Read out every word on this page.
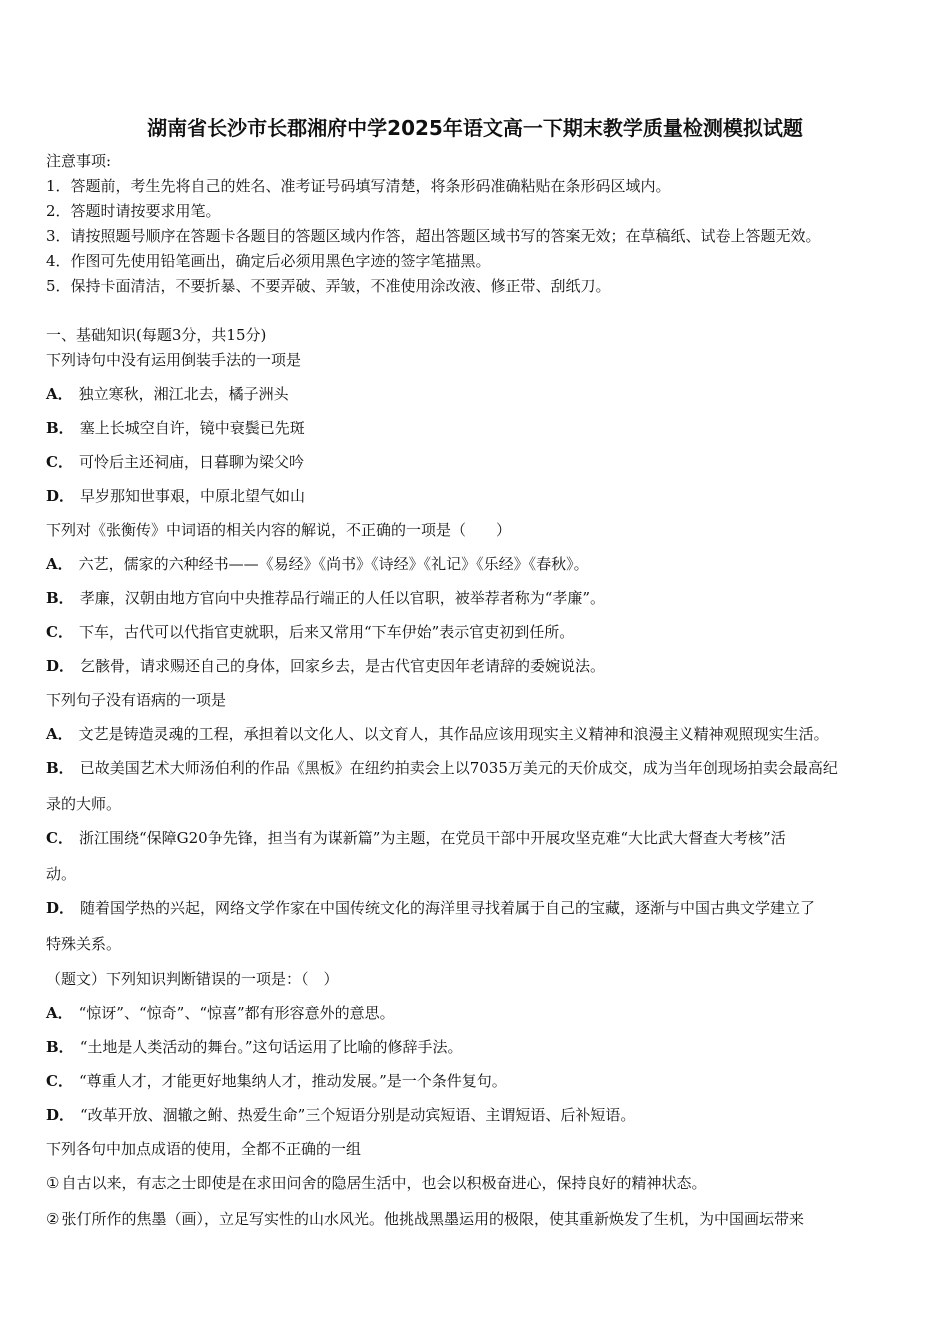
湖南省长沙市长郡湘府中学2025年语文高一下期末教学质量检测模拟试题
注意事项:
1．答题前，考生先将自己的姓名、准考证号码填写清楚，将条形码准确粘贴在条形码区域内。
2．答题时请按要求用笔。
3．请按照题号顺序在答题卡各题目的答题区域内作答，超出答题区域书写的答案无效；在草稿纸、试卷上答题无效。
4．作图可先使用铅笔画出，确定后必须用黑色字迹的签字笔描黑。
5．保持卡面清洁，不要折暴、不要弄破、弄皱，不准使用涂改液、修正带、刮纸刀。
一、基础知识(每题3分，共15分)
下列诗句中没有运用倒装手法的一项是
A． 独立寒秋，湘江北去，橘子洲头
B． 塞上长城空自许，镜中衰鬓已先斑
C． 可怜后主还祠庙，日暮聊为梁父吟
D． 早岁那知世事艰，中原北望气如山
下列对《张衡传》中词语的相关内容的解说，不正确的一项是（　　）
A． 六艺，儒家的六种经书——《易经》《尚书》《诗经》《礼记》《乐经》《春秋》。
B． 孝廉，汉朝由地方官向中央推荐品行端正的人任以官职，被举荐者称为“孝廉”。
C． 下车，古代可以代指官吏就职，后来又常用“下车伊始”表示官吏初到任所。
D． 乞骸骨，请求赐还自己的身体，回家乡去，是古代官吏因年老请辞的委婉说法。
下列句子没有语病的一项是
A． 文艺是铸造灵魂的工程，承担着以文化人、以文育人，其作品应该用现实主义精神和浪漫主义精神观照现实生活。
B． 已故美国艺术大师汤伯利的作品《黑板》在纽约拍卖会上以7035万美元的天价成交，成为当年创现场拍卖会最高纪
录的大师。
C． 浙江围绕“保障G20争先锋，担当有为谋新篇”为主题，在党员干部中开展攻坚克难“大比武大督查大考核”活
动。
D． 随着国学热的兴起，网络文学作家在中国传统文化的海洋里寻找着属于自己的宝藏，逐渐与中国古典文学建立了
特殊关系。
（题文）下列知识判断错误的一项是：（　）
A． “惊讶”、“惊奇”、“惊喜”都有形容意外的意思。
B． “土地是人类活动的舞台。”这句话运用了比喻的修辞手法。
C． “尊重人才，才能更好地集纳人才，推动发展。”是一个条件复句。
D． “改革开放、涸辙之鲋、热爱生命”三个短语分别是动宾短语、主谓短语、后补短语。
下列各句中加点成语的使用，全都不正确的一组
① 自古以来，有志之士即使是在求田问舍的隐居生活中，也会以积极奋进心，保持良好的精神状态。
② 张仃所作的焦墨（画），立足写实性的山水风光。他挑战黑墨运用的极限，使其重新焕发了生机，为中国画坛带来
